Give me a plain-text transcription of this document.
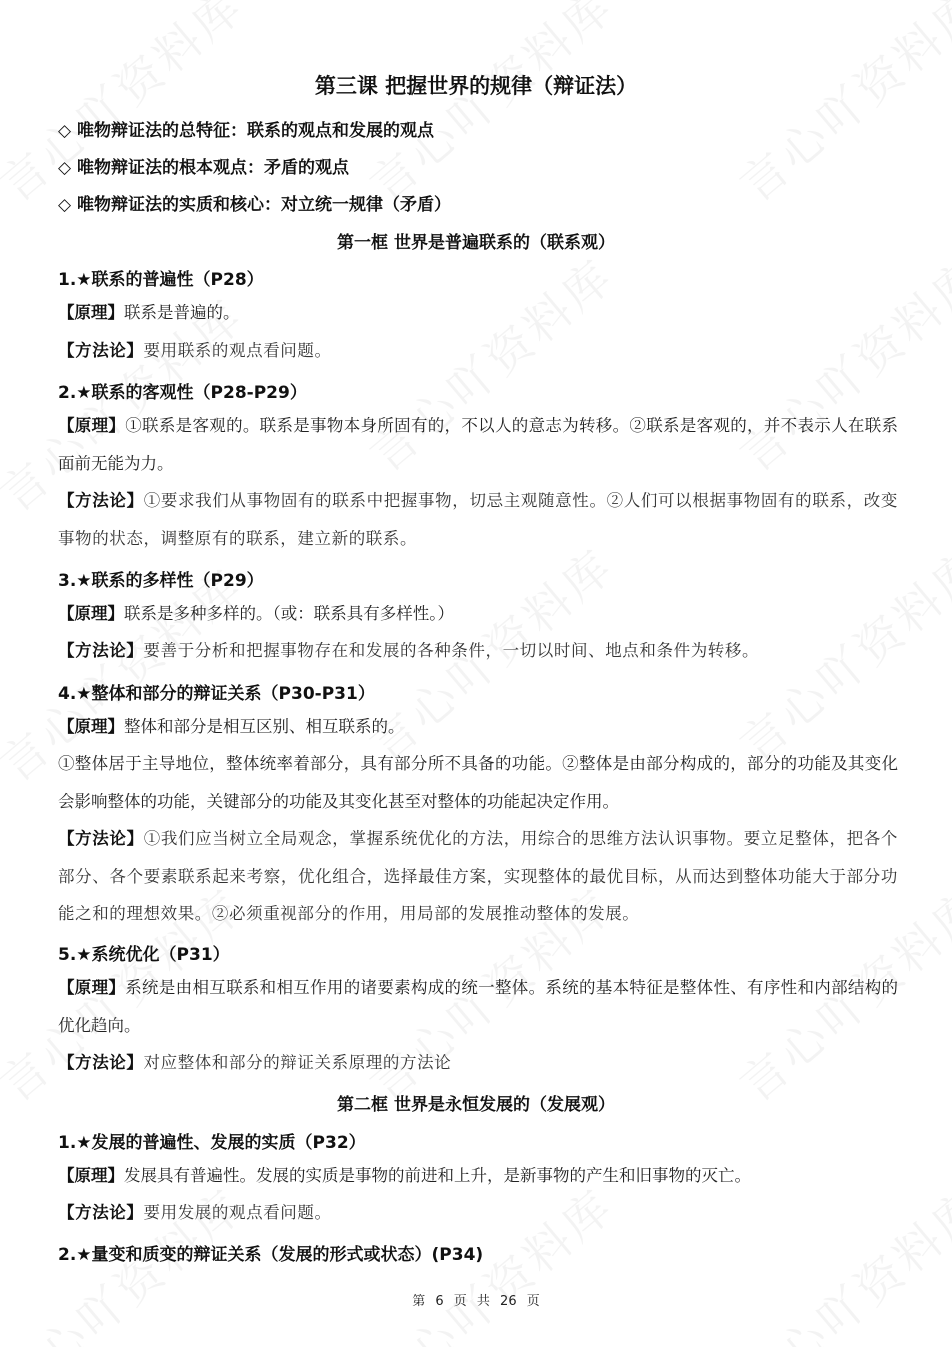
第三课 把握世界的规律（辩证法）
◇ 唯物辩证法的总特征：联系的观点和发展的观点
◇ 唯物辩证法的根本观点：矛盾的观点
◇ 唯物辩证法的实质和核心：对立统一规律（矛盾）
第一框 世界是普遍联系的（联系观）
1.★联系的普遍性（P28）
【原理】联系是普遍的。
【方法论】要用联系的观点看问题。
2.★联系的客观性（P28-P29）
【原理】①联系是客观的。联系是事物本身所固有的，不以人的意志为转移。②联系是客观的，并不表示人在联系面前无能为力。
【方法论】①要求我们从事物固有的联系中把握事物，切忌主观随意性。②人们可以根据事物固有的联系，改变事物的状态，调整原有的联系，建立新的联系。
3.★联系的多样性（P29）
【原理】联系是多种多样的。（或：联系具有多样性。）
【方法论】要善于分析和把握事物存在和发展的各种条件，一切以时间、地点和条件为转移。
4.★整体和部分的辩证关系（P30-P31）
【原理】整体和部分是相互区别、相互联系的。
①整体居于主导地位，整体统率着部分，具有部分所不具备的功能。②整体是由部分构成的，部分的功能及其变化会影响整体的功能，关键部分的功能及其变化甚至对整体的功能起决定作用。
【方法论】①我们应当树立全局观念，掌握系统优化的方法，用综合的思维方法认识事物。要立足整体，把各个部分、各个要素联系起来考察，优化组合，选择最佳方案，实现整体的最优目标，从而达到整体功能大于部分功能之和的理想效果。②必须重视部分的作用，用局部的发展推动整体的发展。
5.★系统优化（P31）
【原理】系统是由相互联系和相互作用的诸要素构成的统一整体。系统的基本特征是整体性、有序性和内部结构的优化趋向。
【方法论】对应整体和部分的辩证关系原理的方法论
第二框 世界是永恒发展的（发展观）
1.★发展的普遍性、发展的实质（P32）
【原理】发展具有普遍性。发展的实质是事物的前进和上升，是新事物的产生和旧事物的灭亡。
【方法论】要用发展的观点看问题。
2.★量变和质变的辩证关系（发展的形式或状态）(P34)
第 6 页 共 26 页
